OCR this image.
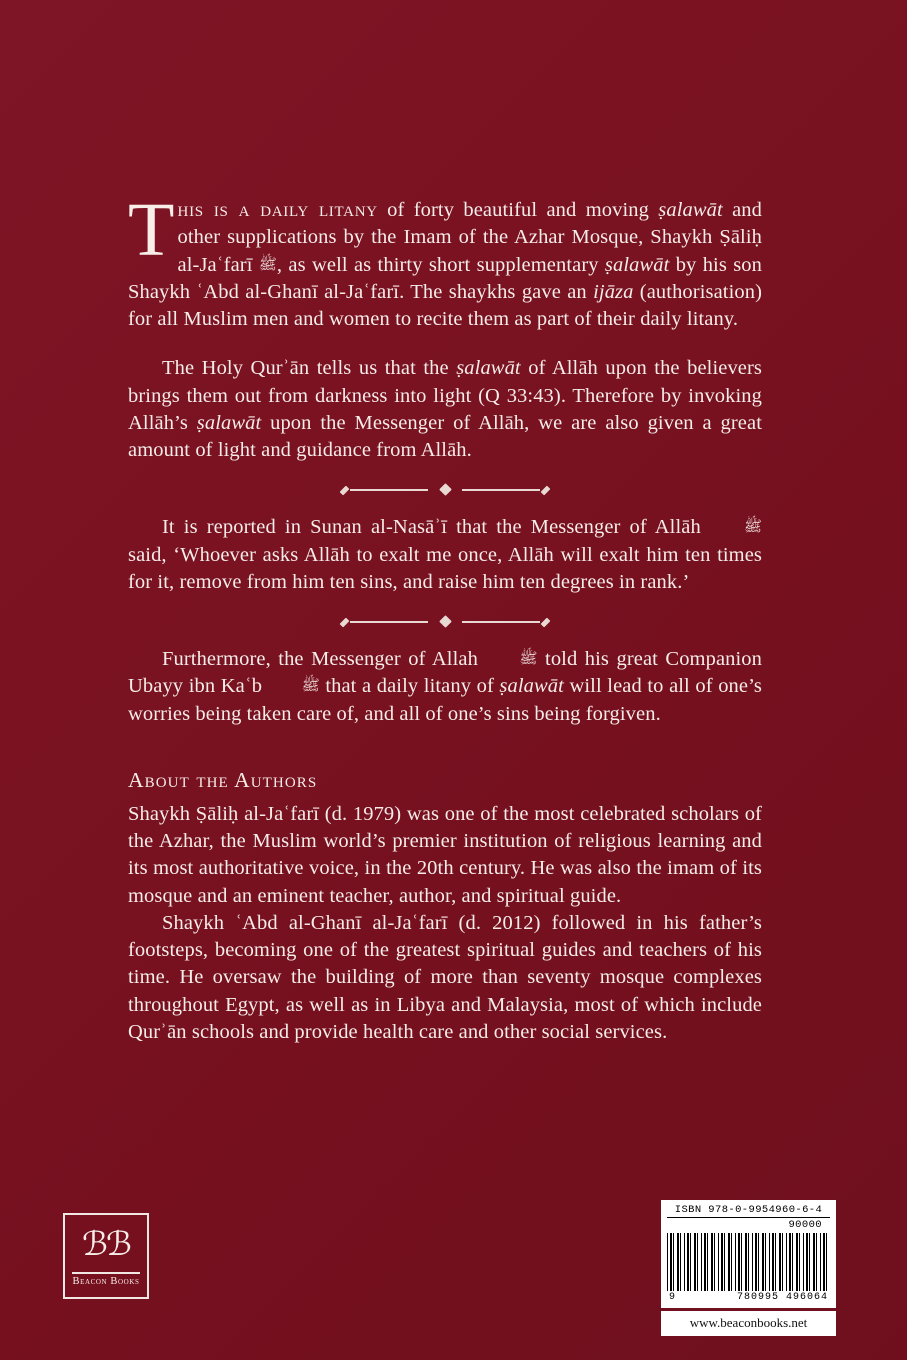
This is a daily litany of forty beautiful and moving ṣalawāt and other supplications by the Imam of the Azhar Mosque, Shaykh Ṣāliḥ al-Jaʿfarī ﷺ, as well as thirty short supplementary ṣalawāt by his son Shaykh ʿAbd al-Ghanī al-Jaʿfarī. The shaykhs gave an ijāza (authorisation) for all Muslim men and women to recite them as part of their daily litany.

The Holy Qurʾān tells us that the ṣalawāt of Allāh upon the believers brings them out from darkness into light (Q 33:43). Therefore by invoking Allāh’s ṣalawāt upon the Messenger of Allāh, we are also given a great amount of light and guidance from Allāh.

It is reported in Sunan al-Nasāʾī that the Messenger of Allāh ﷺ said, ‘Whoever asks Allāh to exalt me once, Allāh will exalt him ten times for it, remove from him ten sins, and raise him ten degrees in rank.’

Furthermore, the Messenger of Allah ﷺ told his great Companion Ubayy ibn Kaʿb ﷺ that a daily litany of ṣalawāt will lead to all of one’s worries being taken care of, and all of one’s sins being forgiven.

About the Authors

Shaykh Ṣāliḥ al-Jaʿfarī (d. 1979) was one of the most celebrated scholars of the Azhar, the Muslim world’s premier institution of religious learning and its most authoritative voice, in the 20th century. He was also the imam of its mosque and an eminent teacher, author, and spiritual guide.

Shaykh ʿAbd al-Ghanī al-Jaʿfarī (d. 2012) followed in his father’s footsteps, becoming one of the greatest spiritual guides and teachers of his time. He oversaw the building of more than seventy mosque complexes throughout Egypt, as well as in Libya and Malaysia, most of which include Qurʾān schools and provide health care and other social services.

ℬℬ
Beacon Books
ISBN 978-0-9954960-6-4
90000
9	780995 496064
www.beaconbooks.net
